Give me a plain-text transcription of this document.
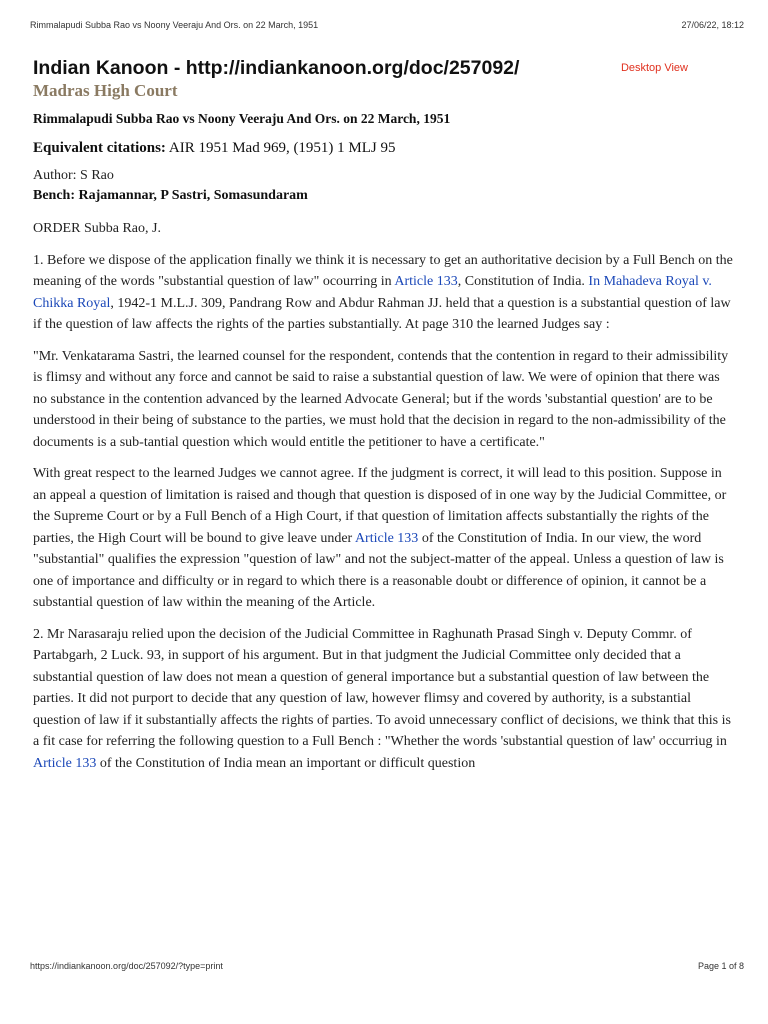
Rimmalapudi Subba Rao vs Noony Veeraju And Ors. on 22 March, 1951	27/06/22, 18:12
Desktop View
Indian Kanoon - http://indiankanoon.org/doc/257092/
Madras High Court
Rimmalapudi Subba Rao vs Noony Veeraju And Ors. on 22 March, 1951

Equivalent citations: AIR 1951 Mad 969, (1951) 1 MLJ 95

Author: S Rao

Bench: Rajamannar, P Sastri, Somasundaram

ORDER Subba Rao, J.

1. Before we dispose of the application finally we think it is necessary to get an authoritative decision by a Full Bench on the meaning of the words "substantial question of law" ocourring in Article 133, Constitution of India. In Mahadeva Royal v. Chikka Royal, 1942-1 M.L.J. 309, Pandrang Row and Abdur Rahman JJ. held that a question is a substantial question of law if the question of law affects the rights of the parties substantially. At page 310 the learned Judges say :

"Mr. Venkatarama Sastri, the learned counsel for the respondent, contends that the contention in regard to their admissibility is flimsy and without any force and cannot be said to raise a substantial question of law. We were of opinion that there was no substance in the contention advanced by the learned Advocate General; but if the words 'substantial question' are to be understood in their being of substance to the parties, we must hold that the decision in regard to the non-admissibility of the documents is a sub-tantial question which would entitle the petitioner to have a certificate."

With great respect to the learned Judges we cannot agree. If the judgment is correct, it will lead to this position. Suppose in an appeal a question of limitation is raised and though that question is disposed of in one way by the Judicial Committee, or the Supreme Court or by a Full Bench of a High Court, if that question of limitation affects substantially the rights of the parties, the High Court will be bound to give leave under Article 133 of the Constitution of India. In our view, the word "substantial" qualifies the expression "question of law" and not the subject-matter of the appeal. Unless a question of law is one of importance and difficulty or in regard to which there is a reasonable doubt or difference of opinion, it cannot be a substantial question of law within the meaning of the Article.

2. Mr Narasaraju relied upon the decision of the Judicial Committee in Raghunath Prasad Singh v. Deputy Commr. of Partabgarh, 2 Luck. 93, in support of his argument. But in that judgment the Judicial Committee only decided that a substantial question of law does not mean a question of general importance but a substantial question of law between the parties. It did not purport to decide that any question of law, however flimsy and covered by authority, is a substantial question of law if it substantially affects the rights of parties. To avoid unnecessary conflict of decisions, we think that this is a fit case for referring the following question to a Full Bench : "Whether the words 'substantial question of law' occurriug in Article 133 of the Constitution of India mean an important or difficult question

https://indiankanoon.org/doc/257092/?type=print	Page 1 of 8
